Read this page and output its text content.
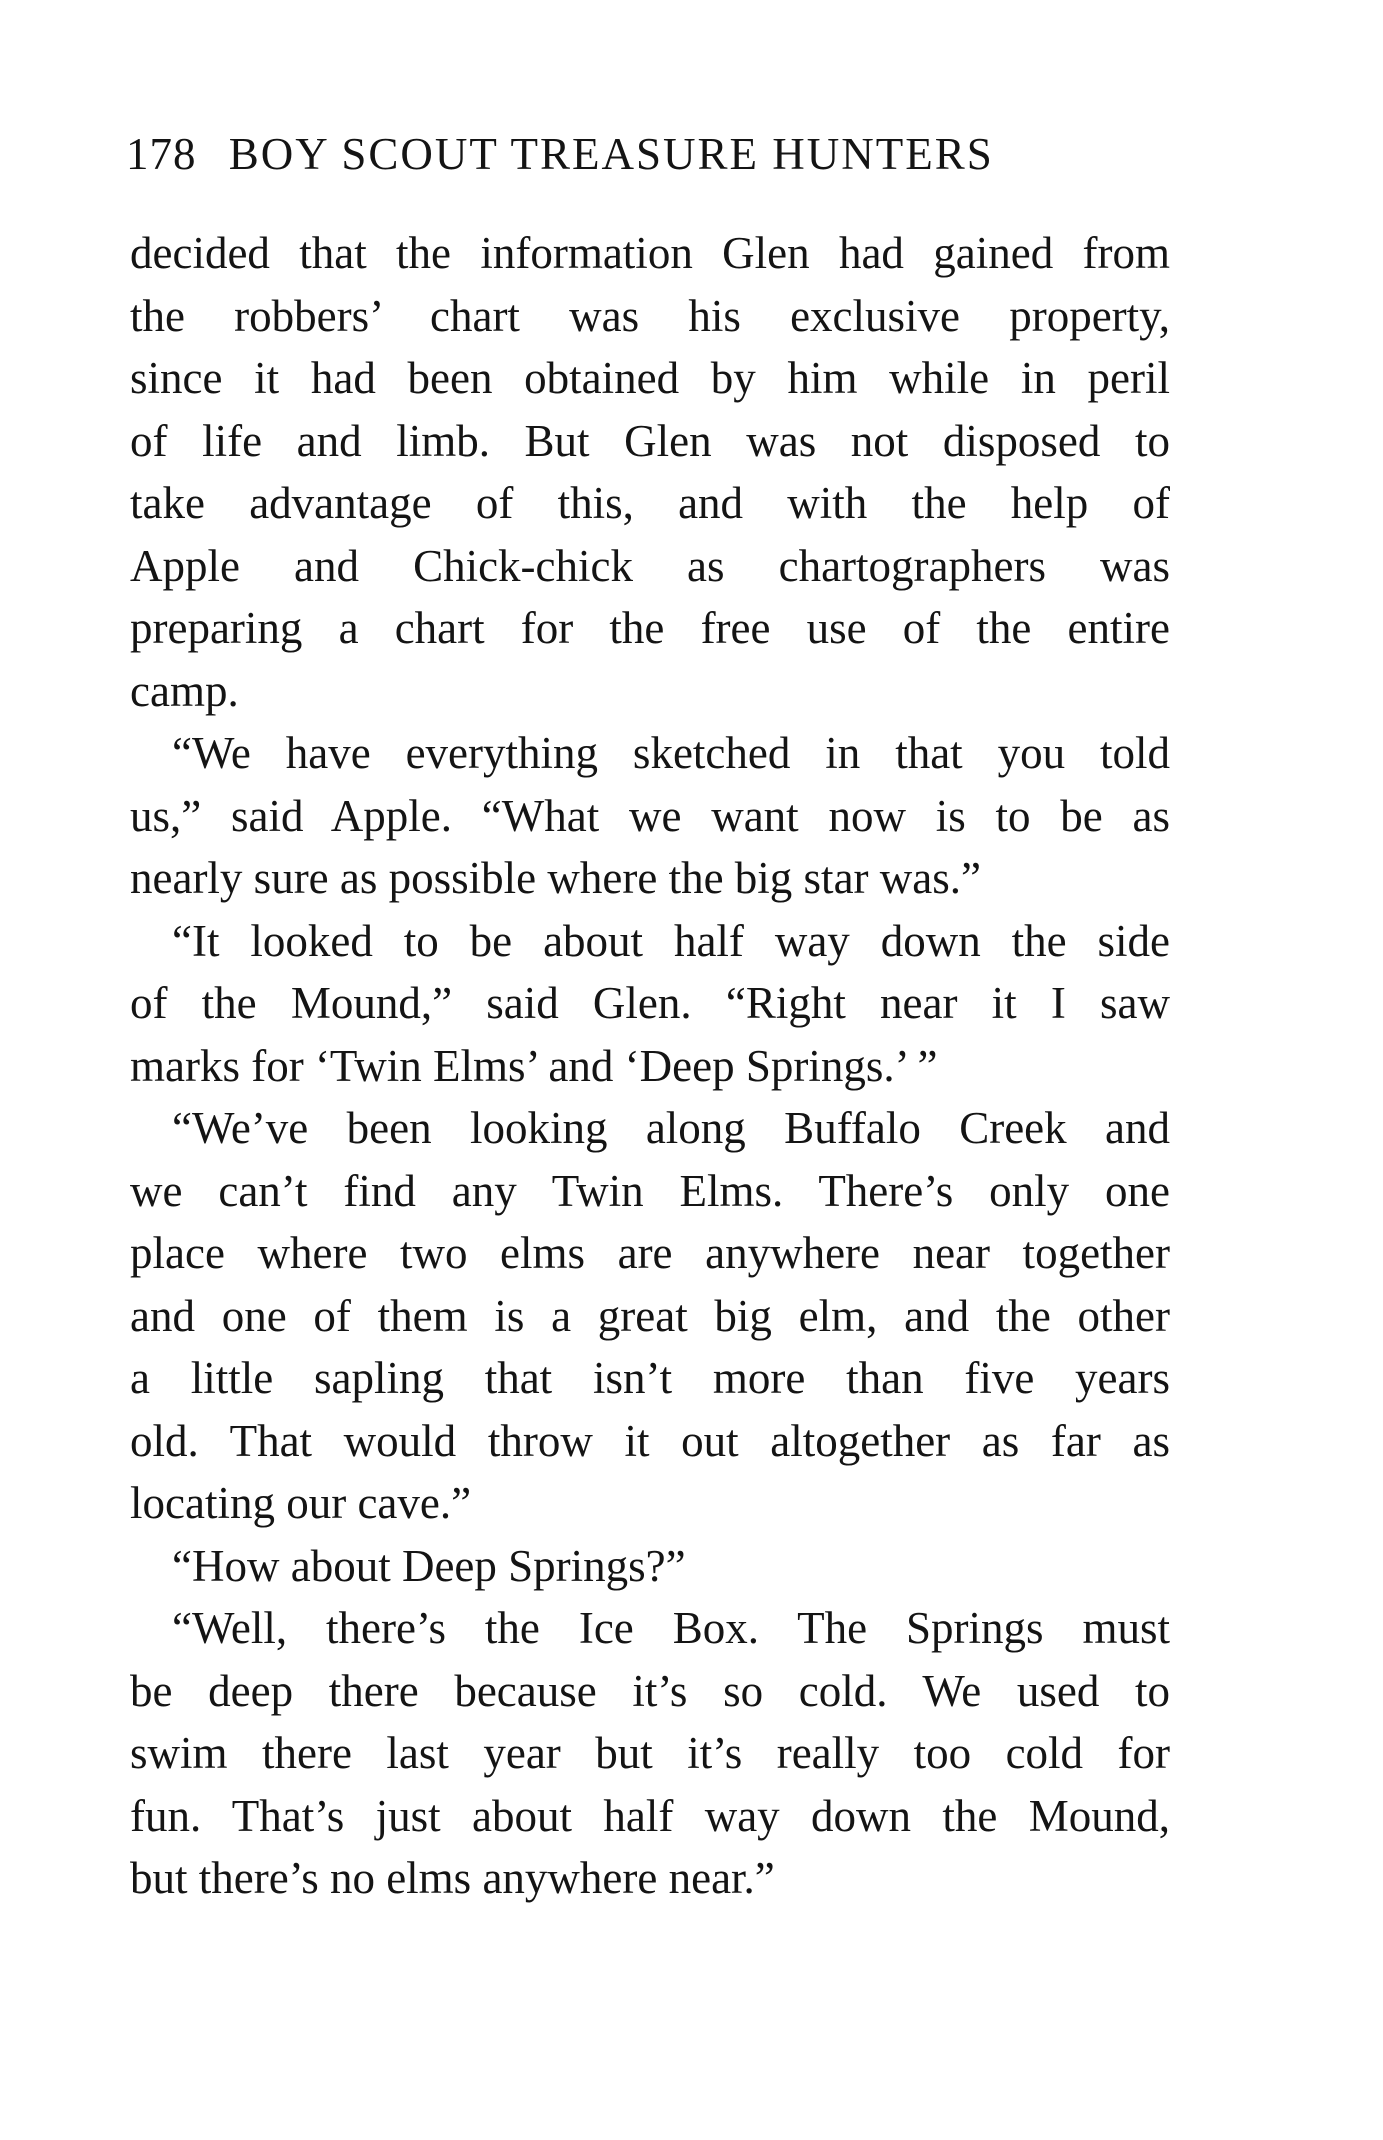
178 BOY SCOUT TREASURE HUNTERS
decided that the information Glen had gained from
the robbers’ chart was his exclusive property,
since it had been obtained by him while in peril
of life and limb. But Glen was not disposed to
take advantage of this, and with the help of
Apple and Chick-chick as chartographers was
preparing a chart for the free use of the entire
camp.
“We have everything sketched in that you told
us,” said Apple. “What we want now is to be as
nearly sure as possible where the big star was.”
“It looked to be about half way down the side
of the Mound,” said Glen. “Right near it I saw
marks for ‘Twin Elms’ and ‘Deep Springs.’ ”
“We’ve been looking along Buffalo Creek and
we can’t find any Twin Elms. There’s only one
place where two elms are anywhere near together
and one of them is a great big elm, and the other
a little sapling that isn’t more than five years
old. That would throw it out altogether as far as
locating our cave.”
“How about Deep Springs?”
“Well, there’s the Ice Box. The Springs must
be deep there because it’s so cold. We used to
swim there last year but it’s really too cold for
fun. That’s just about half way down the Mound,
but there’s no elms anywhere near.”
